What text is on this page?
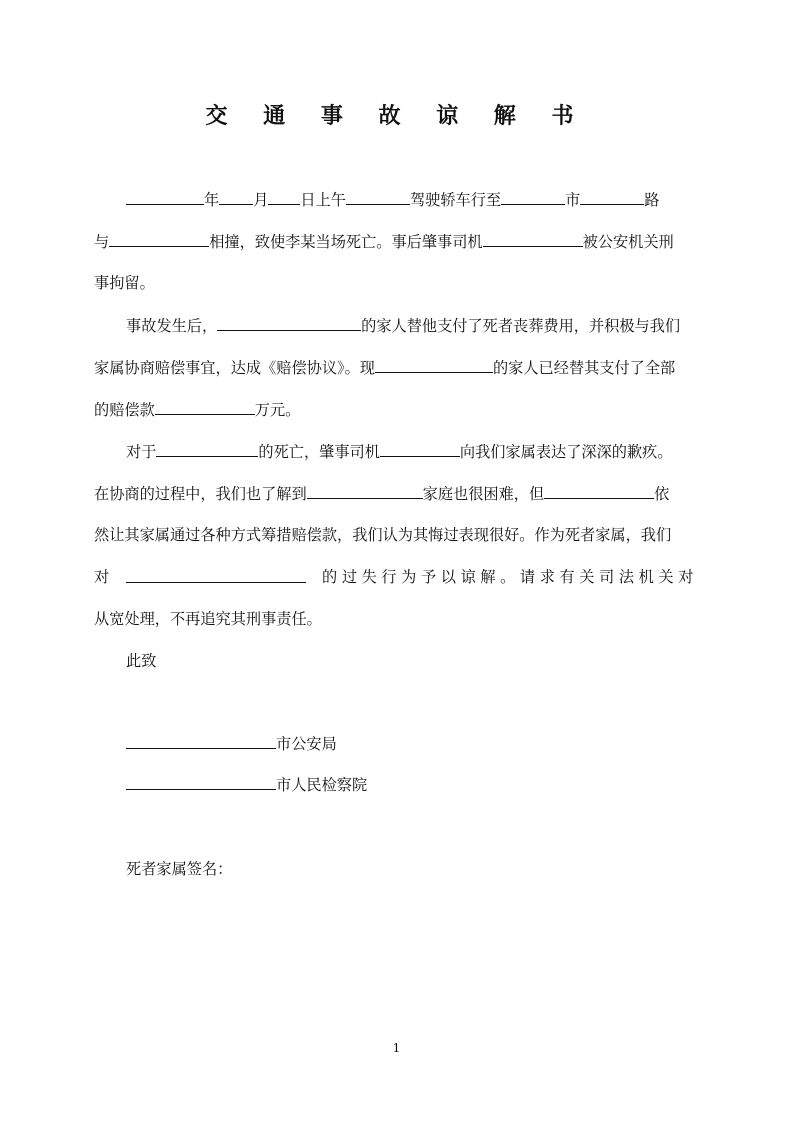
交 通 事 故 谅 解 书
年 月 日上午	驾驶轿车行至	市	路
与	相撞，致使李某当场死亡。事后肇事司机	被公安机关刑
事拘留。
事故发生后，	的家人替他支付了死者丧葬费用，并积极与我们
家属协商赔偿事宜，达成《赔偿协议》。现	的家人已经替其支付了全部
的赔偿款	万元。
对于	的死亡，肇事司机	向我们家属表达了深深的歉疚。
在协商的过程中，我们也了解到	家庭也很困难，但	依
然让其家属通过各种方式筹措赔偿款，我们认为其悔过表现很好。作为死者家属，我们
对	的过失行为予以谅解。请求有关司法机关对
从宽处理，不再追究其刑事责任。
此致
市公安局
市人民检察院
死者家属签名：
1
